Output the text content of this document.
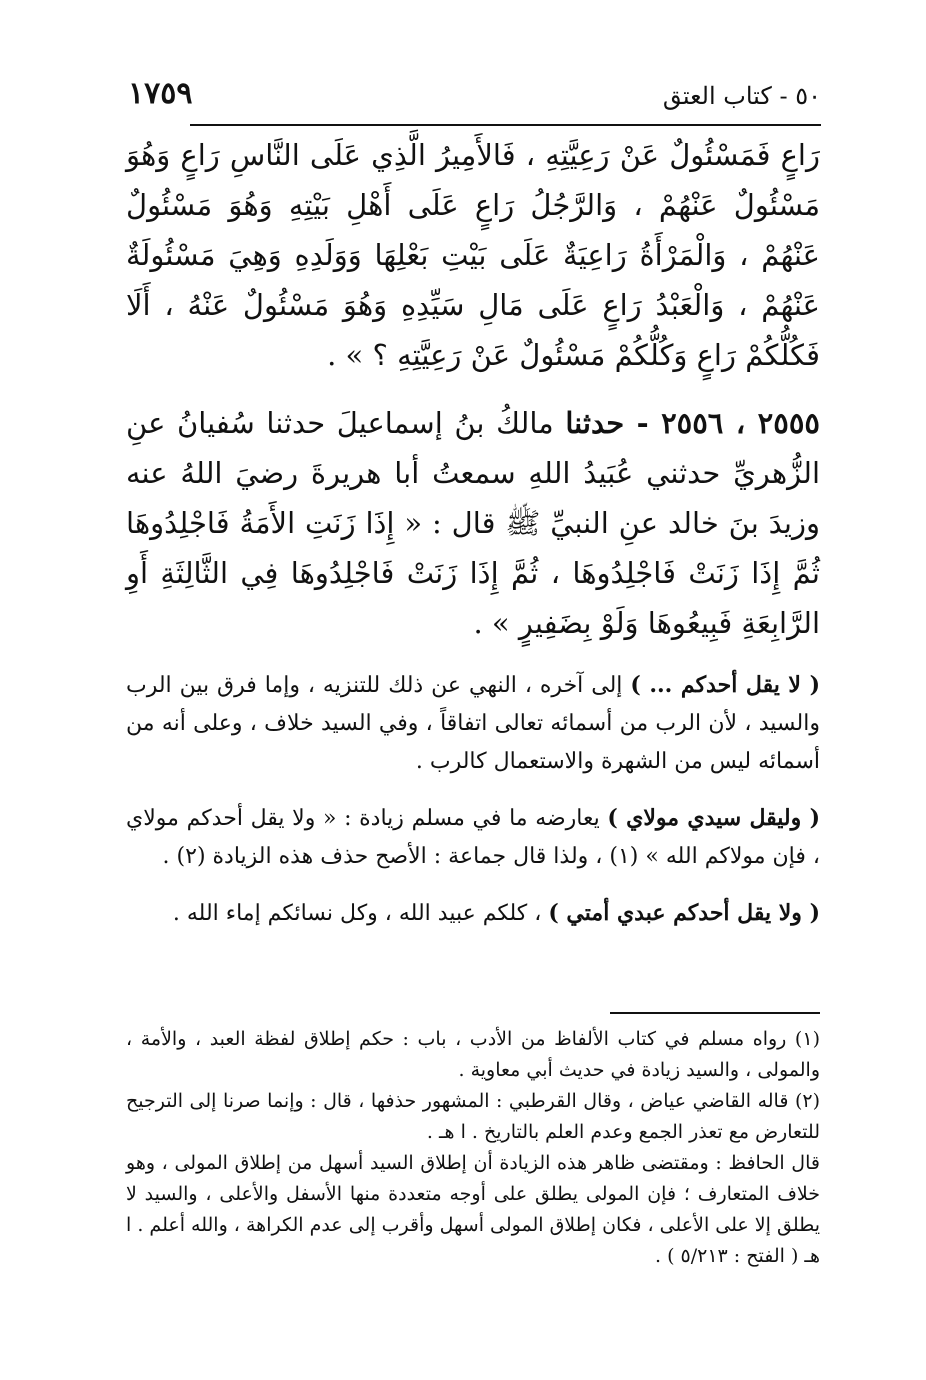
٥٠ - كتاب العتق
١٧٥٩

رَاعٍ فَمَسْئُولٌ عَنْ رَعِيَّتِهِ ، فَالأَمِيرُ الَّذِي عَلَى النَّاسِ رَاعٍ وَهُوَ مَسْئُولٌ عَنْهُمْ ، وَالرَّجُلُ رَاعٍ عَلَى أَهْلِ بَيْتِهِ وَهُوَ مَسْئُولٌ عَنْهُمْ ، وَالْمَرْأَةُ رَاعِيَةٌ عَلَى بَيْتِ بَعْلِهَا وَوَلَدِهِ وَهِيَ مَسْئُولَةٌ عَنْهُمْ ، وَالْعَبْدُ رَاعٍ عَلَى مَالِ سَيِّدِهِ وَهُوَ مَسْئُولٌ عَنْهُ ، أَلَا فَكُلُّكُمْ رَاعٍ وَكُلُّكُمْ مَسْئُولٌ عَنْ رَعِيَّتِهِ ؟ » .

٢٥٥٥ ، ٢٥٥٦ - حدثنا مالكُ بنُ إسماعيلَ حدثنا سُفيانُ عنِ الزُّهريِّ حدثني عُبَيدُ اللهِ سمعتُ أبا هريرةَ رضيَ اللهُ عنه وزيدَ بنَ خالد عنِ النبيِّ ﷺ قال : « إِذَا زَنَتِ الأَمَةُ فَاجْلِدُوهَا ثُمَّ إِذَا زَنَتْ فَاجْلِدُوهَا ، ثُمَّ إِذَا زَنَتْ فَاجْلِدُوهَا فِي الثَّالِثَةِ أَوِ الرَّابِعَةِ فَبِيعُوهَا وَلَوْ بِضَفِيرٍ » .

( لا يقل أحدكم ... ) إلى آخره ، النهي عن ذلك للتنزيه ، وإما فرق بين الرب والسيد ، لأن الرب من أسمائه تعالى اتفاقاً ، وفي السيد خلاف ، وعلى أنه من أسمائه ليس من الشهرة والاستعمال كالرب .

( وليقل سيدي مولاي ) يعارضه ما في مسلم زيادة : « ولا يقل أحدكم مولاي ، فإن مولاكم الله » (١) ، ولذا قال جماعة : الأصح حذف هذه الزيادة (٢) .

( ولا يقل أحدكم عبدي أمتي ) ، كلكم عبيد الله ، وكل نسائكم إماء الله .

(١) رواه مسلم في كتاب الألفاظ من الأدب ، باب : حكم إطلاق لفظة العبد ، والأمة ، والمولى ، والسيد زيادة في حديث أبي معاوية .

(٢) قاله القاضي عياض ، وقال القرطبي : المشهور حذفها ، قال : وإنما صرنا إلى الترجيح للتعارض مع تعذر الجمع وعدم العلم بالتاريخ . ا هـ .

قال الحافظ : ومقتضى ظاهر هذه الزيادة أن إطلاق السيد أسهل من إطلاق المولى ، وهو خلاف المتعارف ؛ فإن المولى يطلق على أوجه متعددة منها الأسفل والأعلى ، والسيد لا يطلق إلا على الأعلى ، فكان إطلاق المولى أسهل وأقرب إلى عدم الكراهة ، والله أعلم . ا هـ ( الفتح : ٥/٢١٣ ) .
